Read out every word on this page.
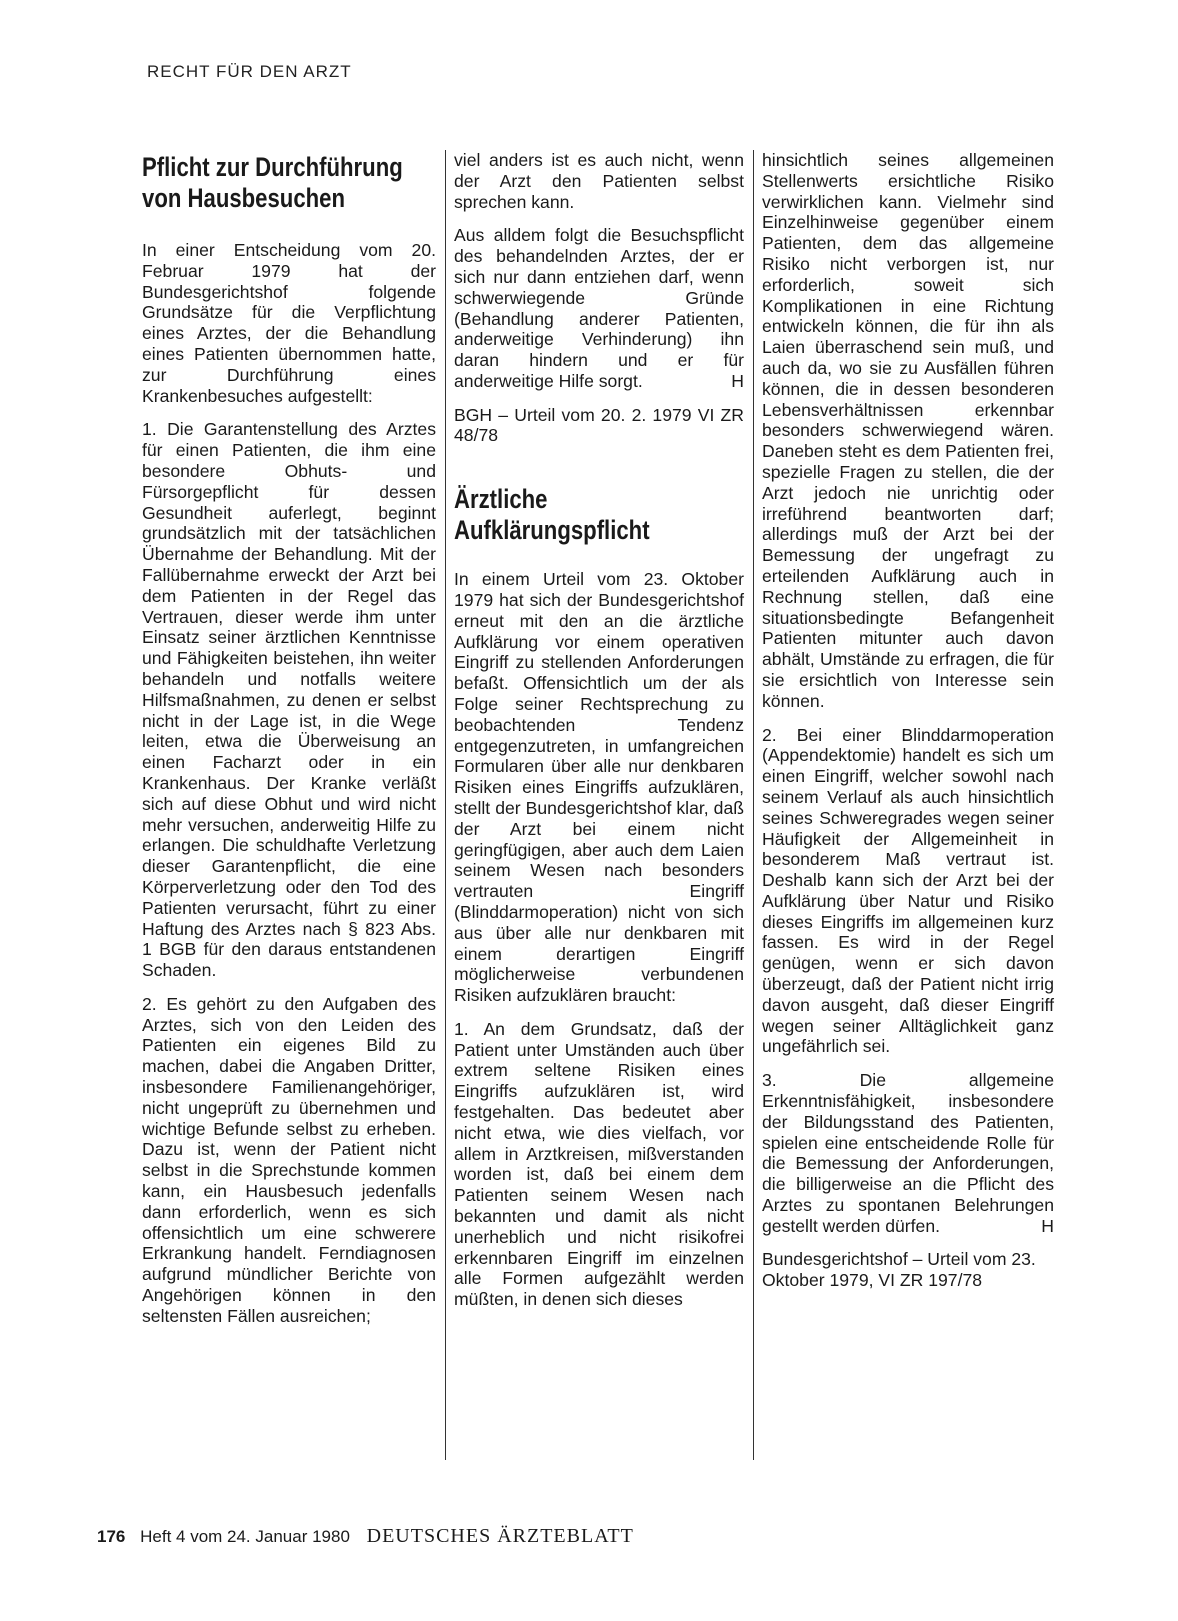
RECHT FÜR DEN ARZT
Pflicht zur Durchführung von Hausbesuchen

In einer Entscheidung vom 20. Februar 1979 hat der Bundesgerichtshof folgende Grundsätze für die Verpflichtung eines Arztes, der die Behandlung eines Patienten übernommen hatte, zur Durchführung eines Krankenbesuches aufgestellt:

1. Die Garantenstellung des Arztes für einen Patienten, die ihm eine besondere Obhuts- und Fürsorgepflicht für dessen Gesundheit auferlegt, beginnt grundsätzlich mit der tatsächlichen Übernahme der Behandlung. Mit der Fallübernahme erweckt der Arzt bei dem Patienten in der Regel das Vertrauen, dieser werde ihm unter Einsatz seiner ärztlichen Kenntnisse und Fähigkeiten beistehen, ihn weiter behandeln und notfalls weitere Hilfsmaßnahmen, zu denen er selbst nicht in der Lage ist, in die Wege leiten, etwa die Überweisung an einen Facharzt oder in ein Krankenhaus. Der Kranke verläßt sich auf diese Obhut und wird nicht mehr versuchen, anderweitig Hilfe zu erlangen. Die schuldhafte Verletzung dieser Garantenpflicht, die eine Körperverletzung oder den Tod des Patienten verursacht, führt zu einer Haftung des Arztes nach § 823 Abs. 1 BGB für den daraus entstandenen Schaden.

2. Es gehört zu den Aufgaben des Arztes, sich von den Leiden des Patienten ein eigenes Bild zu machen, dabei die Angaben Dritter, insbesondere Familienangehöriger, nicht ungeprüft zu übernehmen und wichtige Befunde selbst zu erheben. Dazu ist, wenn der Patient nicht selbst in die Sprechstunde kommen kann, ein Hausbesuch jedenfalls dann erforderlich, wenn es sich offensichtlich um eine schwerere Erkrankung handelt. Ferndiagnosen aufgrund mündlicher Berichte von Angehörigen können in den seltensten Fällen ausreichen;

viel anders ist es auch nicht, wenn der Arzt den Patienten selbst sprechen kann.

Aus alldem folgt die Besuchspflicht des behandelnden Arztes, der er sich nur dann entziehen darf, wenn schwerwiegende Gründe (Behandlung anderer Patienten, anderweitige Verhinderung) ihn daran hindern und er für anderweitige Hilfe sorgt.	H

BGH – Urteil vom 20. 2. 1979 VI ZR 48/78

Ärztliche Aufklärungspflicht

In einem Urteil vom 23. Oktober 1979 hat sich der Bundesgerichtshof erneut mit den an die ärztliche Aufklärung vor einem operativen Eingriff zu stellenden Anforderungen befaßt. Offensichtlich um der als Folge seiner Rechtsprechung zu beobachtenden Tendenz entgegenzutreten, in umfangreichen Formularen über alle nur denkbaren Risiken eines Eingriffs aufzuklären, stellt der Bundesgerichtshof klar, daß der Arzt bei einem nicht geringfügigen, aber auch dem Laien seinem Wesen nach besonders vertrauten Eingriff (Blinddarmoperation) nicht von sich aus über alle nur denkbaren mit einem derartigen Eingriff möglicherweise verbundenen Risiken aufzuklären braucht:

1. An dem Grundsatz, daß der Patient unter Umständen auch über extrem seltene Risiken eines Eingriffs aufzuklären ist, wird festgehalten. Das bedeutet aber nicht etwa, wie dies vielfach, vor allem in Arztkreisen, mißverstanden worden ist, daß bei einem dem Patienten seinem Wesen nach bekannten und damit als nicht unerheblich und nicht risikofrei erkennbaren Eingriff im einzelnen alle Formen aufgezählt werden müßten, in denen sich dieses

hinsichtlich seines allgemeinen Stellenwerts ersichtliche Risiko verwirklichen kann. Vielmehr sind Einzelhinweise gegenüber einem Patienten, dem das allgemeine Risiko nicht verborgen ist, nur erforderlich, soweit sich Komplikationen in eine Richtung entwickeln können, die für ihn als Laien überraschend sein muß, und auch da, wo sie zu Ausfällen führen können, die in dessen besonderen Lebensverhältnissen erkennbar besonders schwerwiegend wären. Daneben steht es dem Patienten frei, spezielle Fragen zu stellen, die der Arzt jedoch nie unrichtig oder irreführend beantworten darf; allerdings muß der Arzt bei der Bemessung der ungefragt zu erteilenden Aufklärung auch in Rechnung stellen, daß eine situationsbedingte Befangenheit Patienten mitunter auch davon abhält, Umstände zu erfragen, die für sie ersichtlich von Interesse sein können.

2. Bei einer Blinddarmoperation (Appendektomie) handelt es sich um einen Eingriff, welcher sowohl nach seinem Verlauf als auch hinsichtlich seines Schweregrades wegen seiner Häufigkeit der Allgemeinheit in besonderem Maß vertraut ist. Deshalb kann sich der Arzt bei der Aufklärung über Natur und Risiko dieses Eingriffs im allgemeinen kurz fassen. Es wird in der Regel genügen, wenn er sich davon überzeugt, daß der Patient nicht irrig davon ausgeht, daß dieser Eingriff wegen seiner Alltäglichkeit ganz ungefährlich sei.

3. Die allgemeine Erkenntnisfähigkeit, insbesondere der Bildungsstand des Patienten, spielen eine entscheidende Rolle für die Bemessung der Anforderungen, die billigerweise an die Pflicht des Arztes zu spontanen Belehrungen gestellt werden dürfen.	H

Bundesgerichtshof – Urteil vom 23. Oktober 1979, VI ZR 197/78

176 Heft 4 vom 24. Januar 1980 DEUTSCHES ÄRZTEBLATT
